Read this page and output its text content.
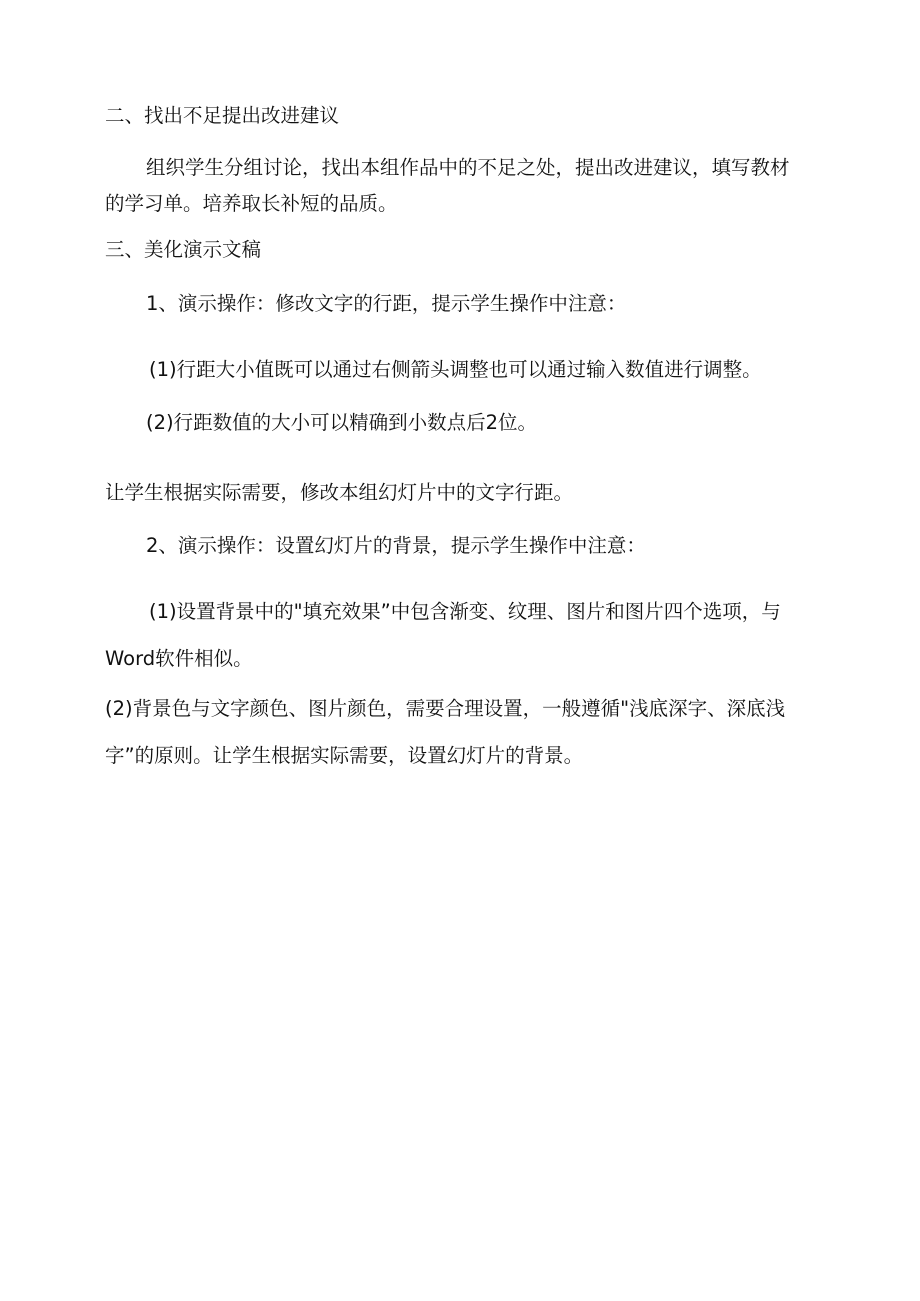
二、找出不足提出改进建议
组织学生分组讨论，找出本组作品中的不足之处，提出改进建议，填写教材
的学习单。培养取长补短的品质。
三、美化演示文稿
1、演示操作：修改文字的行距，提示学生操作中注意：
(1)行距大小值既可以通过右侧箭头调整也可以通过输入数值进行调整。
(2)行距数值的大小可以精确到小数点后2位。
让学生根据实际需要，修改本组幻灯片中的文字行距。
2、演示操作：设置幻灯片的背景，提示学生操作中注意：
(1)设置背景中的"填充效果”中包含渐变、纹理、图片和图片四个选项，与
Word软件相似。
(2)背景色与文字颜色、图片颜色，需要合理设置，一般遵循"浅底深字、深底浅
字”的原则。让学生根据实际需要，设置幻灯片的背景。
